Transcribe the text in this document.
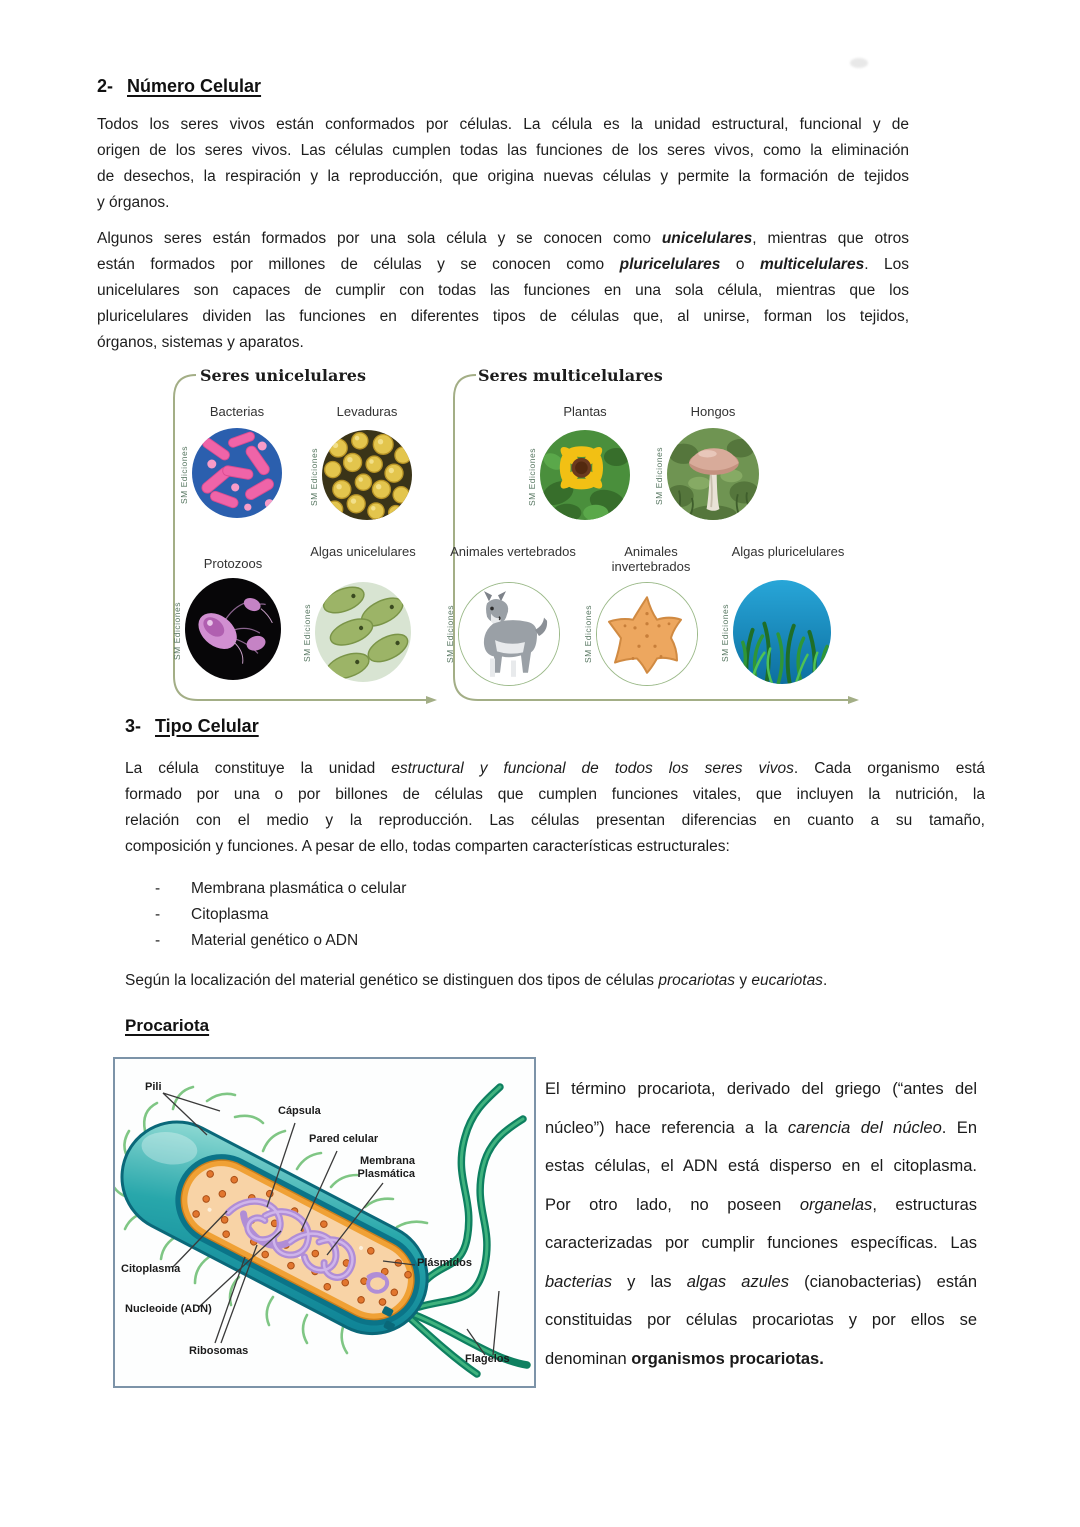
2- Número Celular
Todos los seres vivos están conformados por células. La célula es la unidad estructural, funcional y de
origen de los seres vivos. Las células cumplen todas las funciones de los seres vivos, como la eliminación
de desechos, la respiración y la reproducción, que origina nuevas células y permite la formación de tejidos
y órganos.
Algunos seres están formados por una sola célula y se conocen como unicelulares, mientras que otros
están formados por millones de células y se conocen como pluricelulares o multicelulares. Los
unicelulares son capaces de cumplir con todas las funciones en una sola célula, mientras que los
pluricelulares dividen las funciones en diferentes tipos de células que, al unirse, forman los tejidos,
órganos, sistemas y aparatos.
Seres unicelulares	Seres multicelulares
Bacterias
SM Ediciones
Levaduras
SM Ediciones
Plantas
SM Ediciones
Hongos
SM Ediciones
Protozoos
SM Ediciones
Algas unicelulares
SM Ediciones
Animales vertebrados
SM Ediciones
Animales invertebrados
SM Ediciones
Algas pluricelulares
SM Ediciones
3- Tipo Celular
La célula constituye la unidad estructural y funcional de todos los seres vivos. Cada organismo está
formado por una o por billones de células que cumplen funciones vitales, que incluyen la nutrición, la
relación con el medio y la reproducción. Las células presentan diferencias en cuanto a su tamaño,
composición y funciones. A pesar de ello, todas comparten características estructurales:
-	Membrana plasmática o celular
-	Citoplasma
-	Material genético o ADN
Según la localización del material genético se distinguen dos tipos de células procariotas y eucariotas.
Procariota
Pili
Cápsula
Pared celular
Membrana
Plasmática
Plásmidos
Citoplasma
Nucleoide (ADN)
Ribosomas
Flagelos
El término procariota, derivado del griego (“antes del
núcleo”) hace referencia a la carencia del núcleo. En
estas células, el ADN está disperso en el citoplasma.
Por otro lado, no poseen organelas, estructuras
caracterizadas por cumplir funciones específicas. Las
bacterias y las algas azules (cianobacterias) están
constituidas por células procariotas y por ellos se
denominan organismos procariotas.
